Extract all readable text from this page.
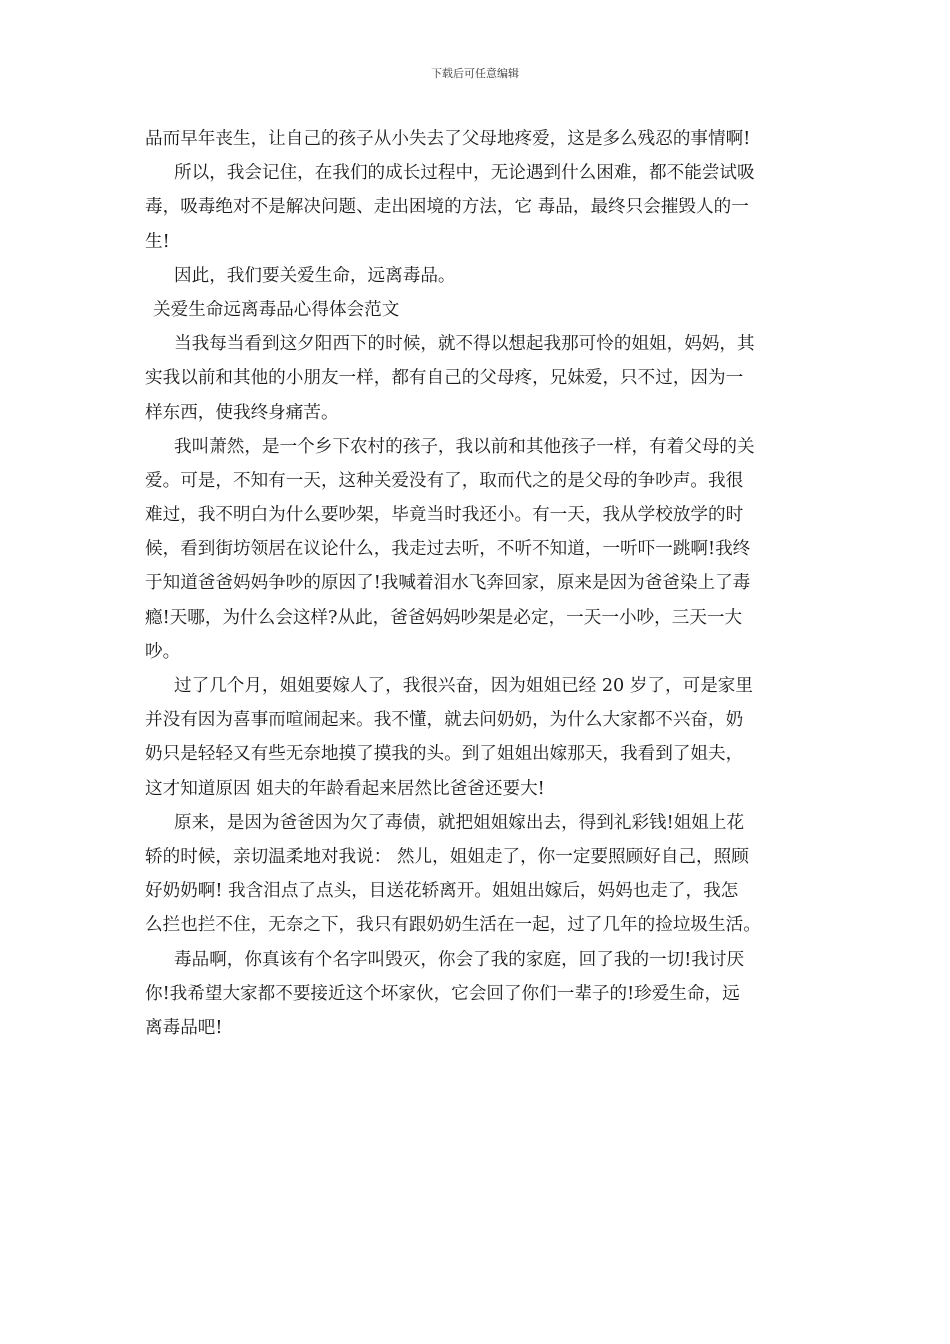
下载后可任意编辑
品而早年丧生，让自己的孩子从小失去了父母地疼爱，这是多么残忍的事情啊!
所以，我会记住，在我们的成长过程中，无论遇到什么困难，都不能尝试吸
毒，吸毒绝对不是解决问题、走出困境的方法，它 毒品，最终只会摧毁人的一
生!
因此，我们要关爱生命，远离毒品。
关爱生命远离毒品心得体会范文
当我每当看到这夕阳西下的时候，就不得以想起我那可怜的姐姐，妈妈，其
实我以前和其他的小朋友一样，都有自己的父母疼，兄妹爱，只不过，因为一
样东西，使我终身痛苦。
我叫萧然，是一个乡下农村的孩子，我以前和其他孩子一样，有着父母的关
爱。可是，不知有一天，这种关爱没有了，取而代之的是父母的争吵声。我很
难过，我不明白为什么要吵架，毕竟当时我还小。有一天，我从学校放学的时
候，看到街坊领居在议论什么，我走过去听，不听不知道，一听吓一跳啊!我终
于知道爸爸妈妈争吵的原因了!我喊着泪水飞奔回家，原来是因为爸爸染上了毒
瘾!天哪，为什么会这样?从此，爸爸妈妈吵架是必定，一天一小吵，三天一大
吵。
过了几个月，姐姐要嫁人了，我很兴奋，因为姐姐已经 20 岁了，可是家里
并没有因为喜事而喧闹起来。我不懂，就去问奶奶，为什么大家都不兴奋，奶
奶只是轻轻又有些无奈地摸了摸我的头。到了姐姐出嫁那天，我看到了姐夫，
这才知道原因 姐夫的年龄看起来居然比爸爸还要大!
原来，是因为爸爸因为欠了毒债，就把姐姐嫁出去，得到礼彩钱!姐姐上花
轿的时候，亲切温柔地对我说： 然儿，姐姐走了，你一定要照顾好自己，照顾
好奶奶啊! 我含泪点了点头，目送花轿离开。姐姐出嫁后，妈妈也走了，我怎
么拦也拦不住，无奈之下，我只有跟奶奶生活在一起，过了几年的捡垃圾生活。
毒品啊，你真该有个名字叫毁灭，你会了我的家庭，回了我的一切!我讨厌
你!我希望大家都不要接近这个坏家伙，它会回了你们一辈子的!珍爱生命，远
离毒品吧!
